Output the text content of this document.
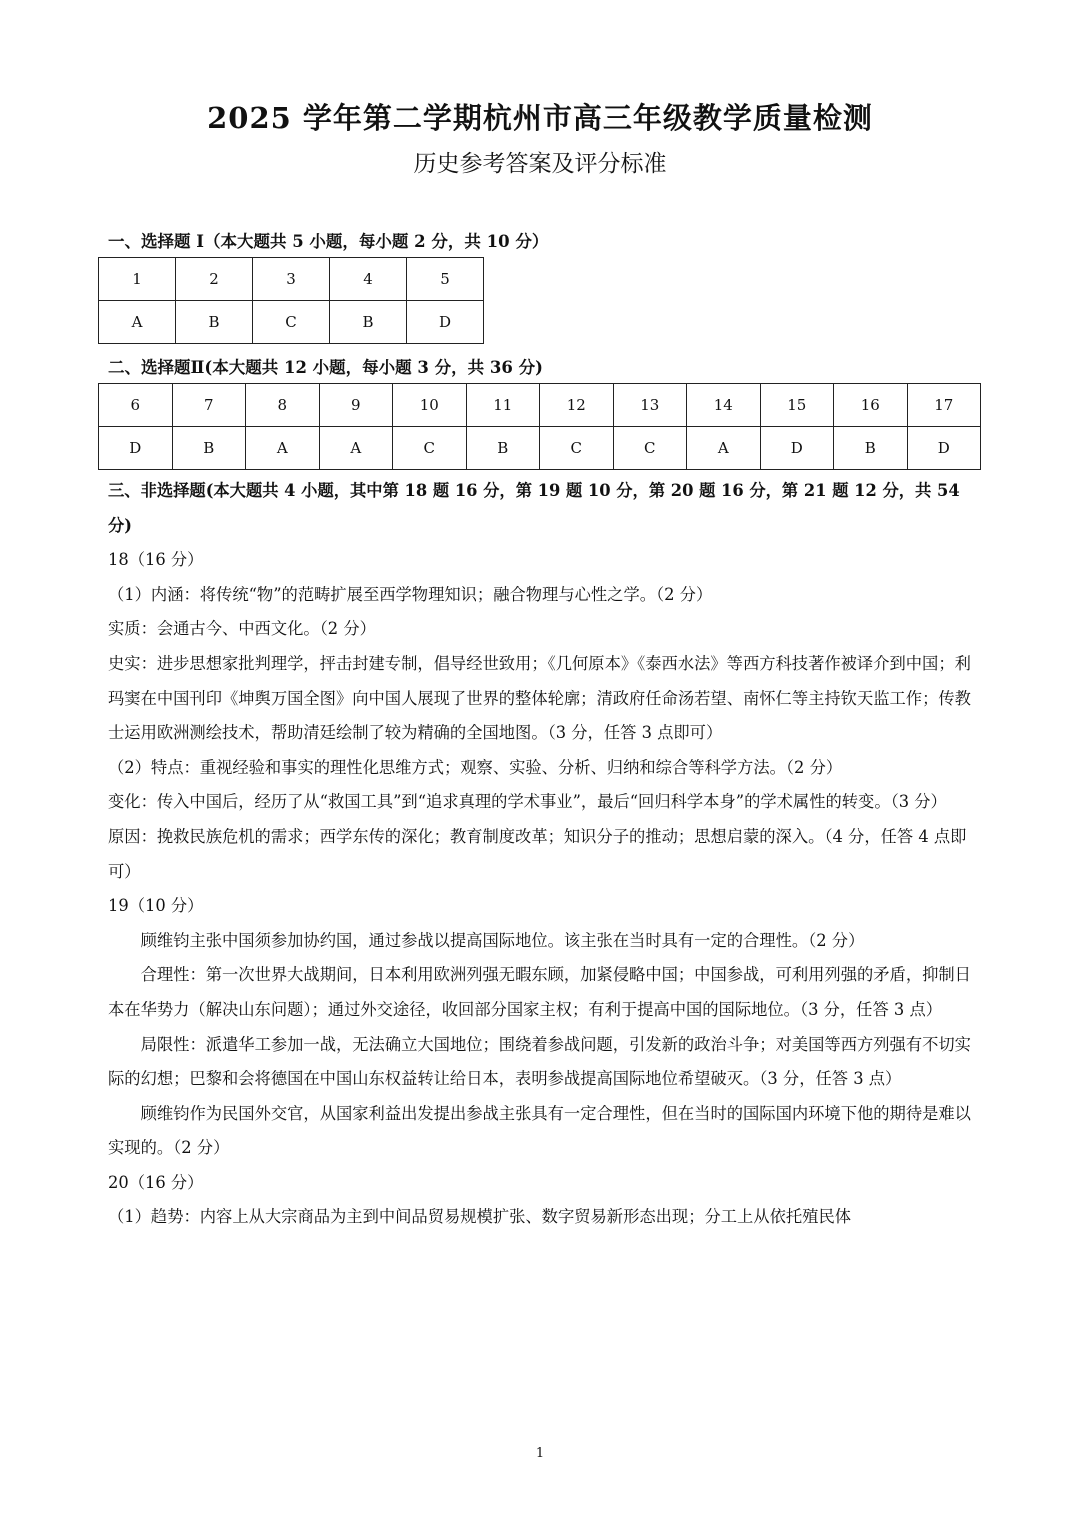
2025 学年第二学期杭州市高三年级教学质量检测
历史参考答案及评分标准
一、选择题 I（本大题共 5 小题，每小题 2 分，共 10 分）
1	2	3	4	5
A	B	C	B	D
二、选择题Ⅱ(本大题共 12 小题，每小题 3 分，共 36 分)
6	7	8	9	10	11	12	13	14	15	16	17
D	B	A	A	C	B	C	C	A	D	B	D

三、非选择题(本大题共 4 小题，其中第 18 题 16 分，第 19 题 10 分，第 20 题 16 分，第 21 题 12 分，共 54 分)

18（16 分）

（1）内涵：将传统“物”的范畴扩展至西学物理知识；融合物理与心性之学。（2 分）

实质：会通古今、中西文化。（2 分）

史实：进步思想家批判理学，抨击封建专制，倡导经世致用；《几何原本》《泰西水法》等西方科技著作被译介到中国；利玛窦在中国刊印《坤舆万国全图》向中国人展现了世界的整体轮廓；清政府任命汤若望、南怀仁等主持钦天监工作；传教士运用欧洲测绘技术，帮助清廷绘制了较为精确的全国地图。（3 分，任答 3 点即可）

（2）特点：重视经验和事实的理性化思维方式；观察、实验、分析、归纳和综合等科学方法。（2 分）

变化：传入中国后，经历了从“救国工具”到“追求真理的学术事业”，最后“回归科学本身”的学术属性的转变。（3 分）

原因：挽救民族危机的需求；西学东传的深化；教育制度改革；知识分子的推动；思想启蒙的深入。（4 分，任答 4 点即可）

19（10 分）

顾维钧主张中国须参加协约国，通过参战以提高国际地位。该主张在当时具有一定的合理性。（2 分）

合理性：第一次世界大战期间，日本利用欧洲列强无暇东顾，加紧侵略中国；中国参战，可利用列强的矛盾，抑制日本在华势力（解决山东问题）；通过外交途径，收回部分国家主权；有利于提高中国的国际地位。（3 分，任答 3 点）

局限性：派遣华工参加一战，无法确立大国地位；围绕着参战问题，引发新的政治斗争；对美国等西方列强有不切实际的幻想；巴黎和会将德国在中国山东权益转让给日本，表明参战提高国际地位希望破灭。（3 分，任答 3 点）

顾维钧作为民国外交官，从国家利益出发提出参战主张具有一定合理性，但在当时的国际国内环境下他的期待是难以实现的。（2 分）

20（16 分）

（1）趋势：内容上从大宗商品为主到中间品贸易规模扩张、数字贸易新形态出现；分工上从依托殖民体

1
